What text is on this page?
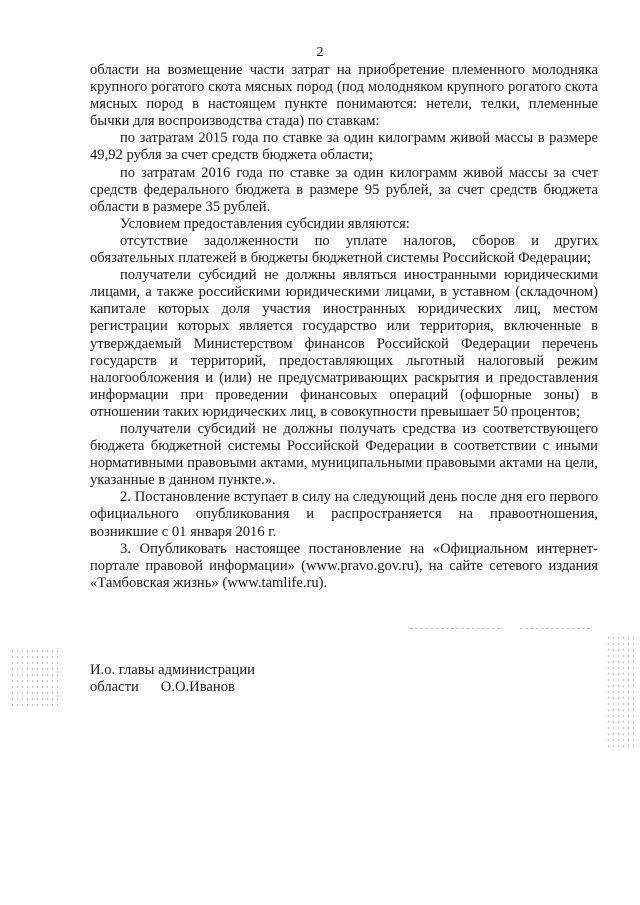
2

области на возмещение части затрат на приобретение племенного молодняка крупного рогатого скота мясных пород (под молодняком крупного рогатого скота мясных пород в настоящем пункте понимаются: нетели, телки, племенные бычки для воспроизводства стада) по ставкам:

по затратам 2015 года по ставке за один килограмм живой массы в размере 49,92 рубля за счет средств бюджета области;

по затратам 2016 года по ставке за один килограмм живой массы за счет средств федерального бюджета в размере 95 рублей, за счет средств бюджета области в размере 35 рублей.

Условием предоставления субсидии являются:

отсутствие задолженности по уплате налогов, сборов и других обязательных платежей в бюджеты бюджетной системы Российской Федерации;

получатели субсидий не должны являться иностранными юридическими лицами, а также российскими юридическими лицами, в уставном (складочном) капитале которых доля участия иностранных юридических лиц, местом регистрации которых является государство или территория, включенные в утверждаемый Министерством финансов Российской Федерации перечень государств и территорий, предоставляющих льготный налоговый режим налогообложения и (или) не предусматривающих раскрытия и предоставления информации при проведении финансовых операций (офшорные зоны) в отношении таких юридических лиц, в совокупности превышает 50 процентов;

получатели субсидий не должны получать средства из соответствующего бюджета бюджетной системы Российской Федерации в соответствии с иными нормативными правовыми актами, муниципальными правовыми актами на цели, указанные в данном пункте.».

2. Постановление вступает в силу на следующий день после дня его первого официального опубликования и распространяется на правоотношения, возникшие с 01 января 2016 г.

3. Опубликовать настоящее постановление на «Официальном интернет-портале правовой информации» (www.pravo.gov.ru), на сайте сетевого издания «Тамбовская жизнь» (www.tamlife.ru).

И.о. главы администрации
области О.О.Иванов
